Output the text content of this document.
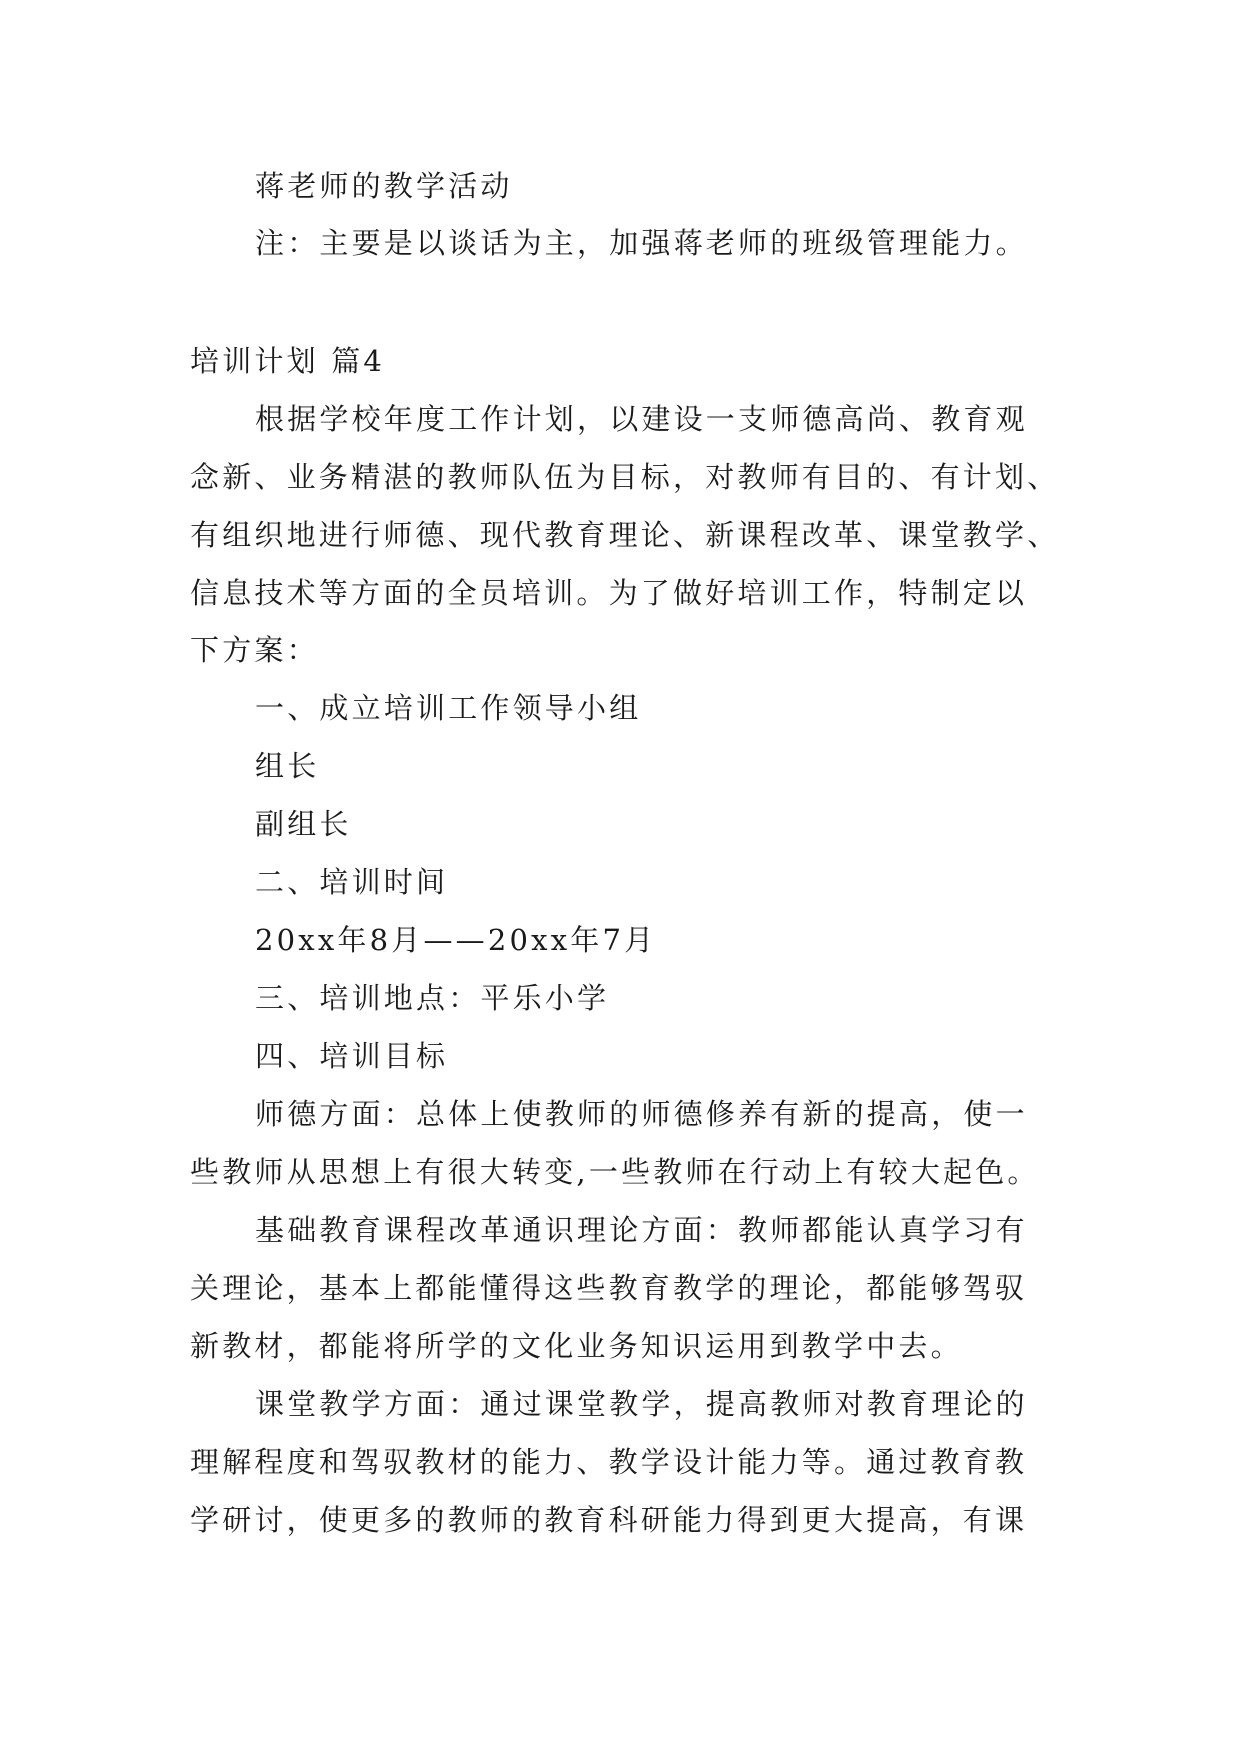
蒋老师的教学活动
注：主要是以谈话为主，加强蒋老师的班级管理能力。
培训计划 篇4
根据学校年度工作计划，以建设一支师德高尚、教育观
念新、业务精湛的教师队伍为目标，对教师有目的、有计划、
有组织地进行师德、现代教育理论、新课程改革、课堂教学、
信息技术等方面的全员培训。为了做好培训工作，特制定以
下方案：
一、成立培训工作领导小组
组长
副组长
二、培训时间
20xx年8月——20xx年7月
三、培训地点：平乐小学
四、培训目标
师德方面：总体上使教师的师德修养有新的提高，使一
些教师从思想上有很大转变,一些教师在行动上有较大起色。
基础教育课程改革通识理论方面：教师都能认真学习有
关理论，基本上都能懂得这些教育教学的理论，都能够驾驭
新教材，都能将所学的文化业务知识运用到教学中去。
课堂教学方面：通过课堂教学，提高教师对教育理论的
理解程度和驾驭教材的能力、教学设计能力等。通过教育教
学研讨，使更多的教师的教育科研能力得到更大提高，有课
